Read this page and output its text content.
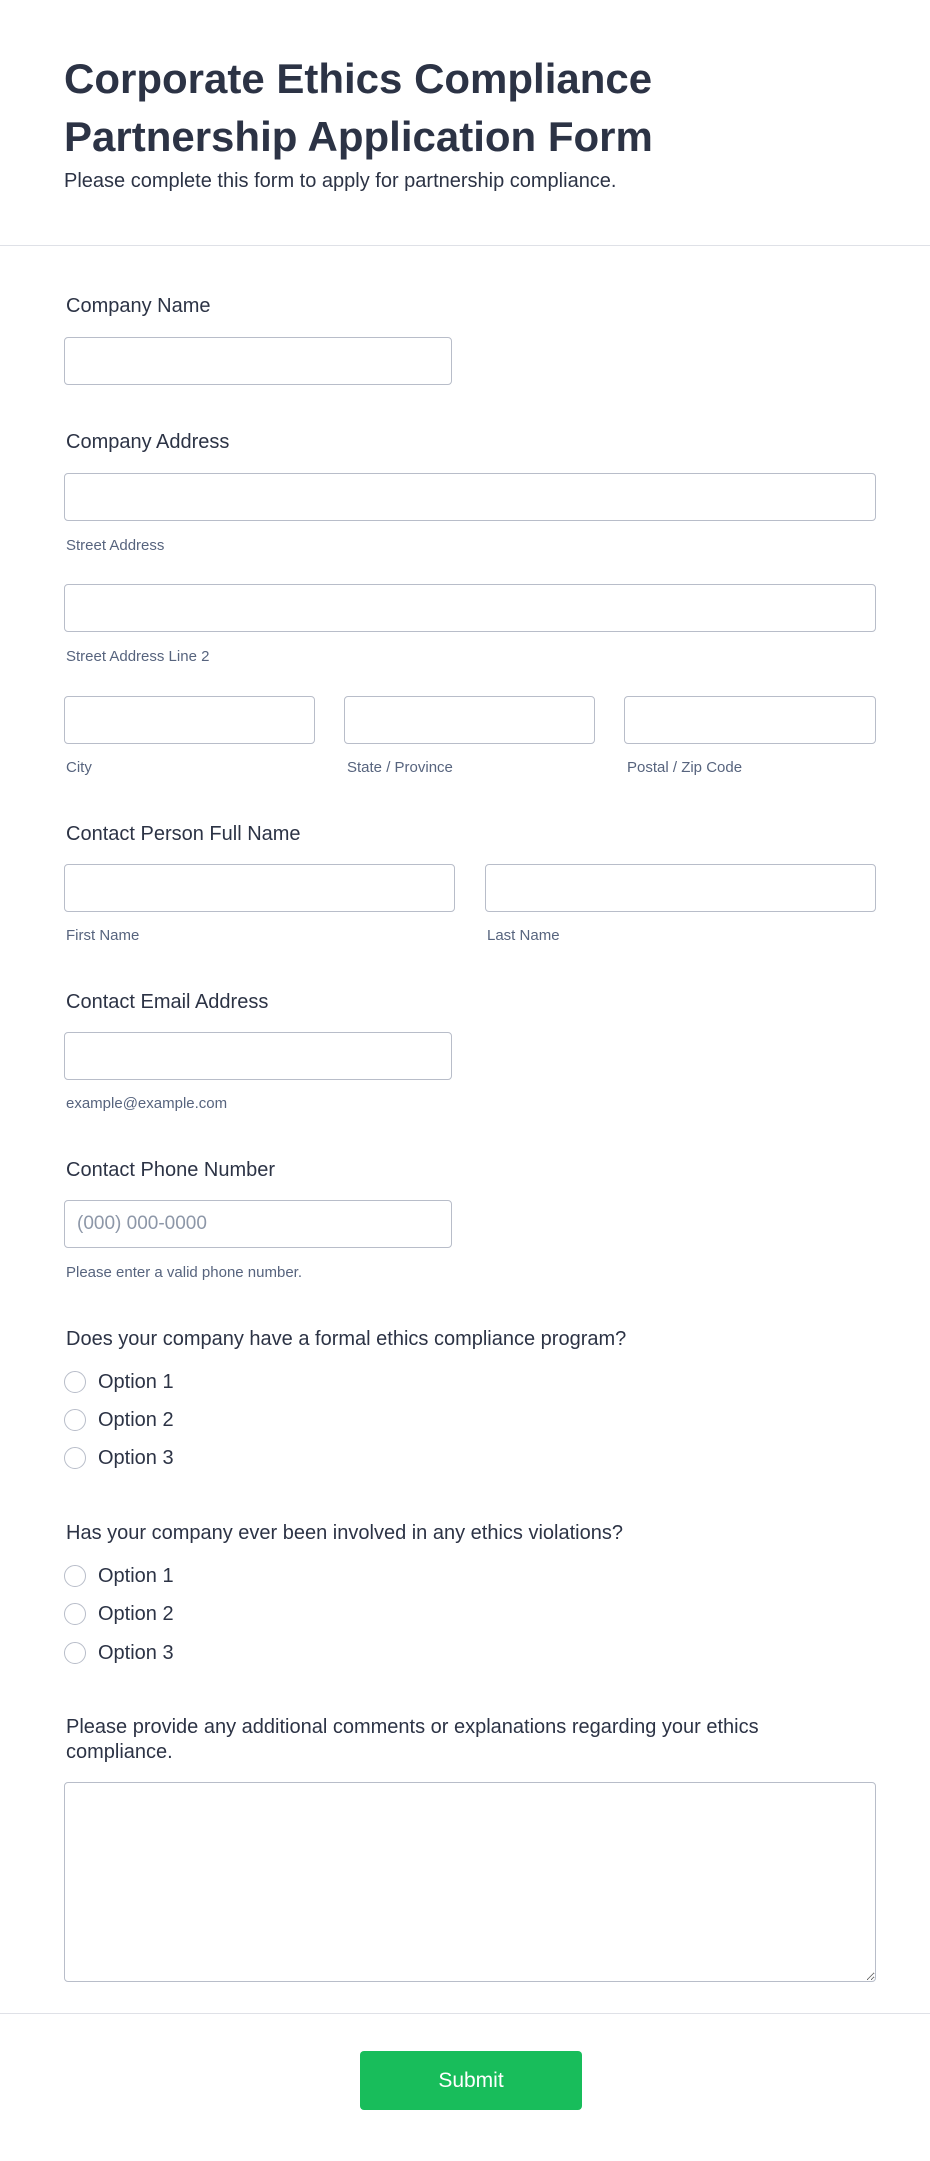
Corporate Ethics Compliance Partnership Application Form
Please complete this form to apply for partnership compliance.
Company Name
Company Address
Street Address
Street Address Line 2
City	State / Province	Postal / Zip Code
Contact Person Full Name
First Name	Last Name
Contact Email Address
example@example.com
Contact Phone Number
(000) 000-0000
Please enter a valid phone number.
Does your company have a formal ethics compliance program?
Option 1
Option 2
Option 3
Has your company ever been involved in any ethics violations?
Option 1
Option 2
Option 3
Please provide any additional comments or explanations regarding your ethics compliance.
Submit
